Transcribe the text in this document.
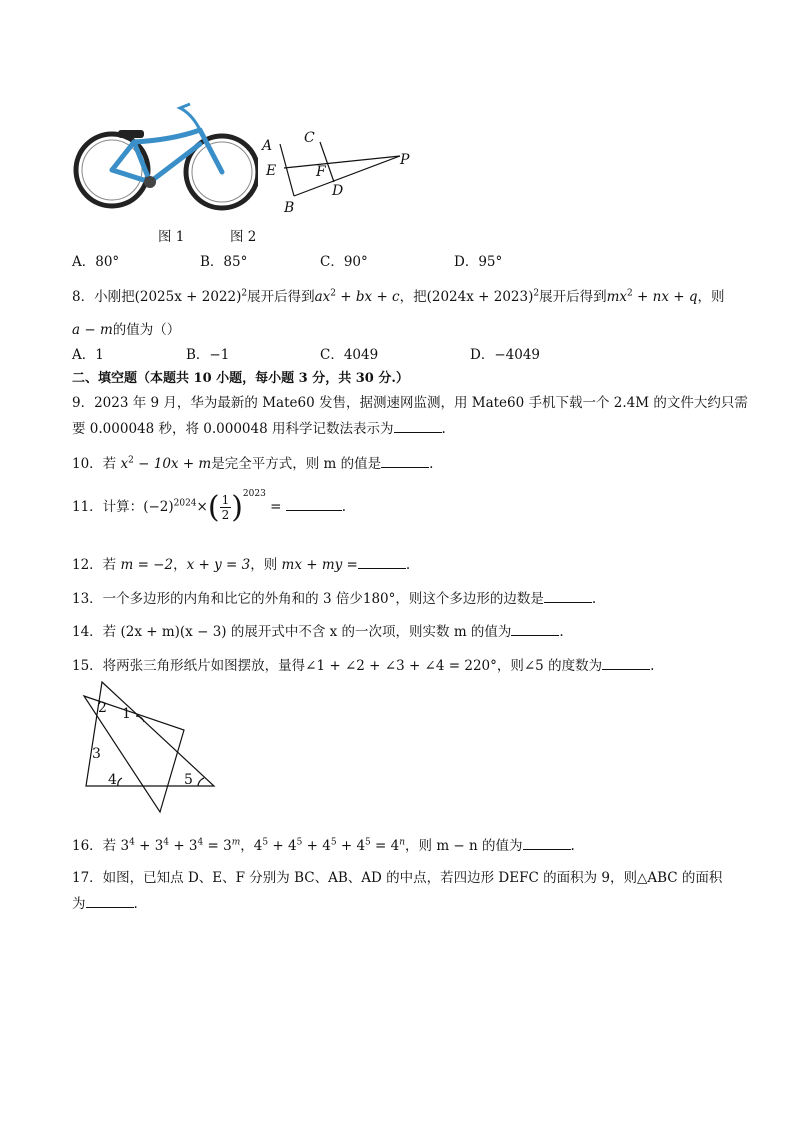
图 1	图 2
A
E
B
C
F
D
P
A．80°	B．85°	C．90°	D．95°
8．小刚把$(2025x + 2022)^2$展开后得到$ax^2$ + bx + c，把$(2024x + 2023)^2$展开后得到$mx^2$ + nx + q，则
a − m的值为（）
A．1	B．−1	C．4049	D．−4049
二、填空题（本题共 10 小题，每小题 3 分，共 30 分.）
9．2023 年 9 月，华为最新的 Mate60 发售，据测速网监测，用 Mate60 手机下载一个 2.4M 的文件大约只需
要 0.000048 秒，将 0.000048 用科学记数法表示为	.
10．若 $x^2 - 10x + m$是完全平方式，则 m 的值是	.
11．计算：$(-2)^{2024}\times( \frac{1}{2} )^{2023}$ =	.
12．若 m = −2，x + y = 3，则 mx + my =	.
13．一个多边形的内角和比它的外角和的 3 倍少180°，则这个多边形的边数是	.
14．若 (2x + m)(x − 3) 的展开式中不含 x 的一次项，则实数 m 的值为	.
15．将两张三角形纸片如图摆放，量得∠1 + ∠2 + ∠3 + ∠4 = 220°，则∠5 的度数为	.
2 1
3
4	5
16．若 $3^4 + 3^4 + 3^4 = 3^m$，$4^5 + 4^5 + 4^5 + 4^5 = 4^n$，则 m − n 的值为	.
17．如图，已知点 D、E、F 分别为 BC、AB、AD 的中点，若四边形 DEFC 的面积为 9，则△ABC 的面积
为	.
